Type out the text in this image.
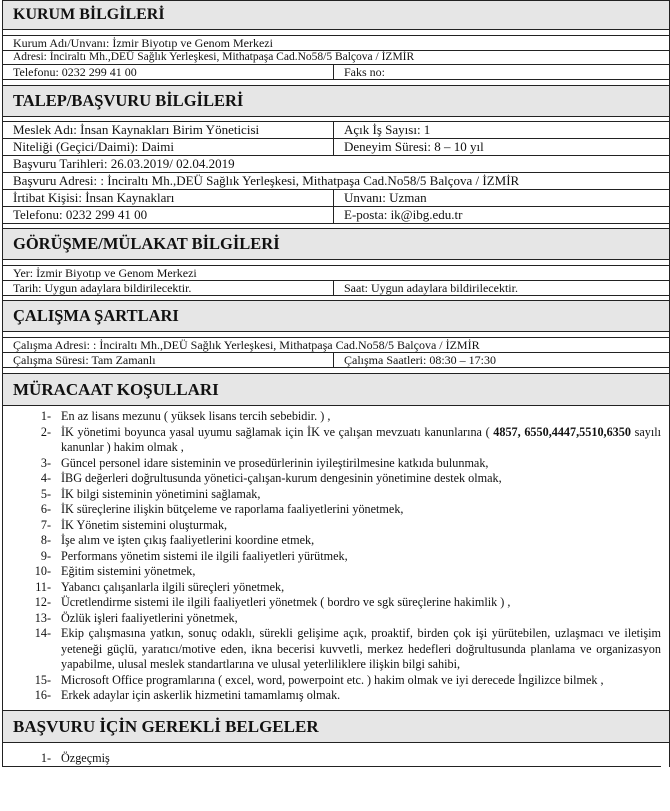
KURUM BİLGİLERİ
Kurum Adı/Unvanı: İzmir Biyotıp ve Genom Merkezi
Adresi: İnciraltı Mh.,DEÜ Sağlık Yerleşkesi, Mithatpaşa Cad.No58/5 Balçova / İZMİR
Telefonu: 0232 299 41 00	Faks no:
TALEP/BAŞVURU BİLGİLERİ
Meslek Adı: İnsan Kaynakları Birim Yöneticisi	Açık İş Sayısı: 1
Niteliği (Geçici/Daimi): Daimi	Deneyim Süresi: 8 – 10 yıl
Başvuru Tarihleri: 26.03.2019/ 02.04.2019
Başvuru Adresi: : İnciraltı Mh.,DEÜ Sağlık Yerleşkesi, Mithatpaşa Cad.No58/5 Balçova / İZMİR
İrtibat Kişisi: İnsan Kaynakları	Unvanı: Uzman
Telefonu: 0232 299 41 00	E-posta: ik@ibg.edu.tr
GÖRÜŞME/MÜLAKAT BİLGİLERİ
Yer: İzmir Biyotıp ve Genom Merkezi
Tarih: Uygun adaylara bildirilecektir.	Saat: Uygun adaylara bildirilecektir.
ÇALIŞMA ŞARTLARI
Çalışma Adresi: : İnciraltı Mh.,DEÜ Sağlık Yerleşkesi, Mithatpaşa Cad.No58/5 Balçova / İZMİR
Çalışma Süresi: Tam Zamanlı	Çalışma Saatleri: 08:30 – 17:30
MÜRACAAT KOŞULLARI
1- En az lisans mezunu ( yüksek lisans tercih sebebidir. ) ,
2- İK yönetimi boyunca yasal uyumu sağlamak için İK ve çalışan mevzuatı kanunlarına ( 4857, 6550,4447,5510,6350 sayılı kanunlar ) hakim olmak ,
3- Güncel personel idare sisteminin ve prosedürlerinin iyileştirilmesine katkıda bulunmak,
4- İBG değerleri doğrultusunda yönetici-çalışan-kurum dengesinin yönetimine destek olmak,
5- İK bilgi sisteminin yönetimini sağlamak,
6- İK süreçlerine ilişkin bütçeleme ve raporlama faaliyetlerini yönetmek,
7- İK Yönetim sistemini oluşturmak,
8- İşe alım ve işten çıkış faaliyetlerini koordine etmek,
9- Performans yönetim sistemi ile ilgili faaliyetleri yürütmek,
10- Eğitim sistemini yönetmek,
11- Yabancı çalışanlarla ilgili süreçleri yönetmek,
12- Ücretlendirme sistemi ile ilgili faaliyetleri yönetmek ( bordro ve sgk süreçlerine hakimlik ) ,
13- Özlük işleri faaliyetlerini yönetmek,
14- Ekip çalışmasına yatkın, sonuç odaklı, sürekli gelişime açık, proaktif, birden çok işi yürütebilen, uzlaşmacı ve iletişim yeteneği güçlü, yaratıcı/motive eden, ikna becerisi kuvvetli, merkez hedefleri doğrultusunda planlama ve organizasyon yapabilme, ulusal meslek standartlarına ve ulusal yeterliliklere ilişkin bilgi sahibi,
15- Microsoft Office programlarına ( excel, word, powerpoint etc. ) hakim olmak ve iyi derecede İngilizce bilmek ,
16- Erkek adaylar için askerlik hizmetini tamamlamış olmak.
BAŞVURU İÇİN GEREKLİ BELGELER
1- Özgeçmiş
